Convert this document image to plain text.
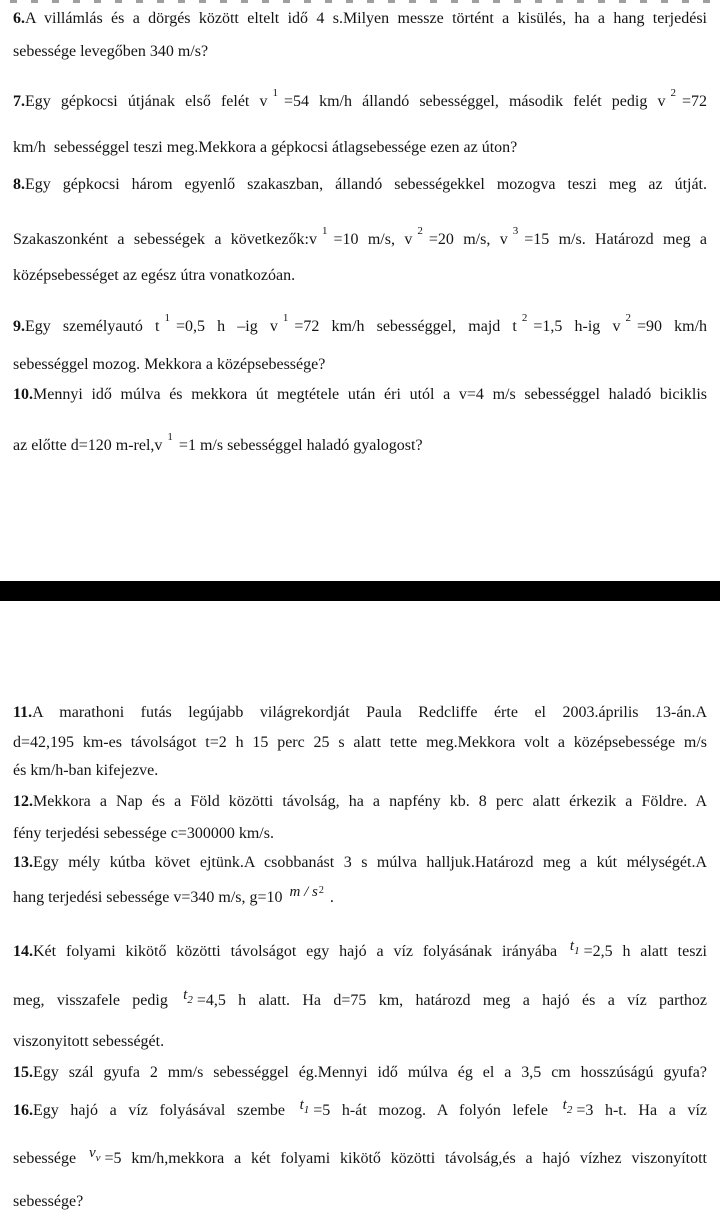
6.A villámlás és a dörgés között eltelt idő 4 s.Milyen messze történt a kisülés, ha a hang terjedési
sebessége levegőben 340 m/s?
7.Egy gépkocsi útjának első felét v $^1$ =54 km/h állandó sebességgel, második felét pedig v $^2$ =72
km/h  sebességgel teszi meg.Mekkora a gépkocsi átlagsebessége ezen az úton?
8.Egy gépkocsi három egyenlő szakaszban, állandó sebességekkel mozogva teszi meg az útját.
Szakaszonként a sebességek a következők:v $^1$ =10 m/s, v $^2$ =20 m/s, v $^3$ =15 m/s. Határozd meg a
középsebességet az egész útra vonatkozóan.
9.Egy személyautó t $^1$ =0,5 h –ig v $^1$ =72 km/h sebességgel, majd t $^2$ =1,5 h-ig v $^2$ =90 km/h
sebességgel mozog. Mekkora a középsebessége?
10.Mennyi idő múlva és mekkora út megtétele után éri utól a v=4 m/s sebességgel haladó biciklis
az előtte d=120 m-rel,v $^1$ =1 m/s sebességgel haladó gyalogost?
11.A marathoni futás legújabb világrekordját Paula Redcliffe érte el 2003.április 13-án.A
d=42,195 km-es távolságot t=2 h 15 perc 25 s alatt tette meg.Mekkora volt a középsebessége m/s
és km/h-ban kifejezve.
12.Mekkora a Nap és a Föld közötti távolság, ha a napfény kb. 8 perc alatt érkezik a Földre. A
fény terjedési sebessége c=300000 km/s.
13.Egy mély kútba követ ejtünk.A csobbanást 3 s múlva halljuk.Határozd meg a kút mélységét.A
hang terjedési sebessége v=340 m/s, g=10 m / $s^2$ .
14.Két folyami kikötő közötti távolságot egy hajó a víz folyásának irányába t1 =2,5 h alatt teszi
meg, visszafele pedig t2 =4,5 h alatt. Ha d=75 km, határozd meg a hajó és a víz parthoz
viszonyitott sebességét.
15.Egy szál gyufa 2 mm/s sebességgel ég.Mennyi idő múlva ég el a 3,5 cm hosszúságú gyufa?
16.Egy hajó a víz folyásával szembe t1 =5 h-át mozog. A folyón lefele t2 =3 h-t. Ha a víz
sebessége vv =5 km/h,mekkora a két folyami kikötő közötti távolság,és a hajó vízhez viszonyított
sebessége?
